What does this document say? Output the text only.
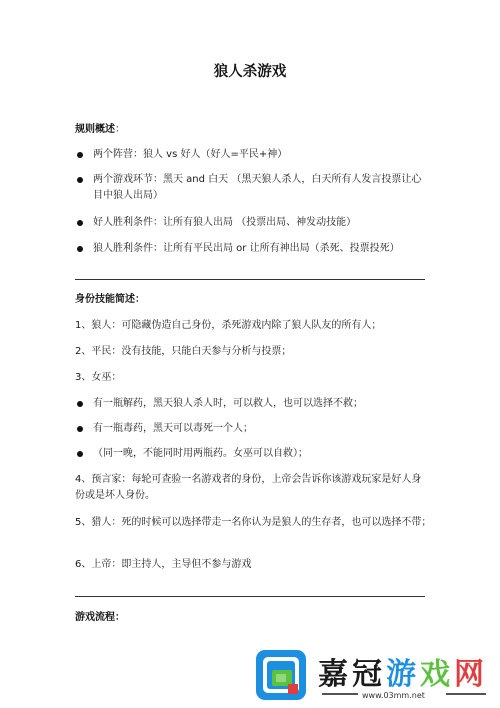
狼人杀游戏
规则概述：
两个阵营：狼人 vs 好人（好人=平民+神）
两个游戏环节：黑天 and 白天 （黑天狼人杀人，白天所有人发言投票让心目中狼人出局）
好人胜利条件：让所有狼人出局 （投票出局、神发动技能）
狼人胜利条件：让所有平民出局 or 让所有神出局（杀死、投票投死）
身份技能简述：
1、狼人：可隐藏伪造自己身份，杀死游戏内除了狼人队友的所有人；
2、平民：没有技能，只能白天参与分析与投票；
3、女巫：
有一瓶解药，黑天狼人杀人时，可以救人，也可以选择不救；
有一瓶毒药，黑天可以毒死一个人；
（同一晚，不能同时用两瓶药。女巫可以自救）；
4、预言家：每轮可查验一名游戏者的身份，上帝会告诉你该游戏玩家是好人身份或是坏人身份。
5、猎人：死的时候可以选择带走一名你认为是狼人的生存者，也可以选择不带；
6、上帝：即主持人，主导但不参与游戏
游戏流程：
嘉 冠 游 戏 网
www.03mm.net
